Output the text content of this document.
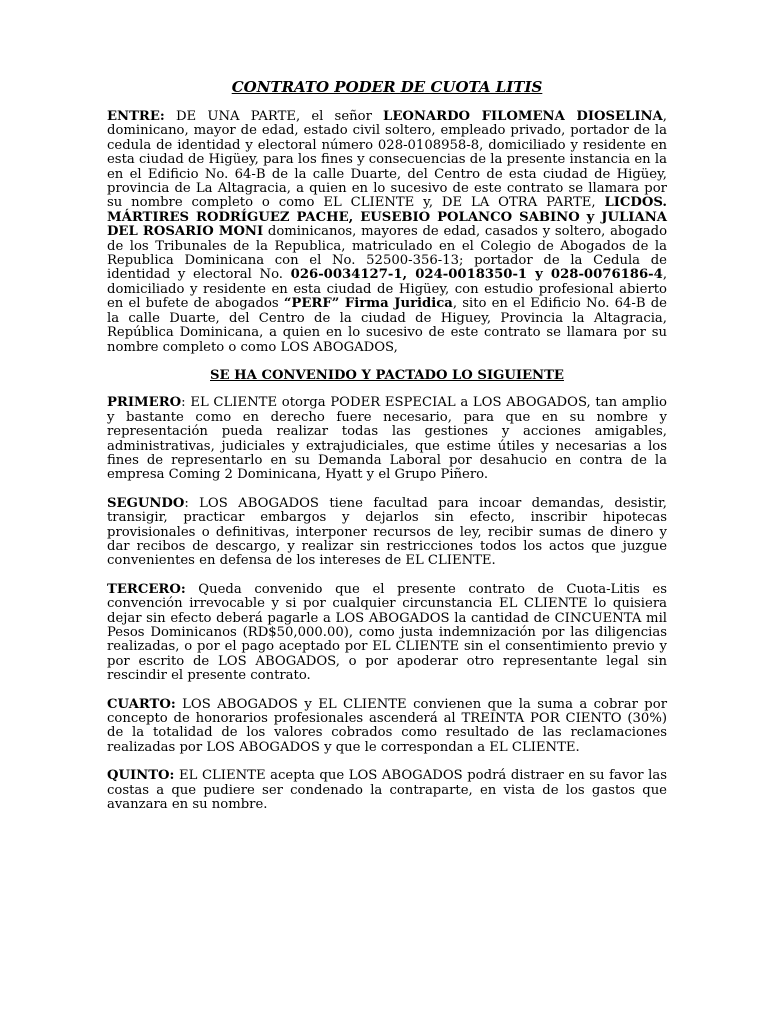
CONTRATO PODER DE CUOTA LITIS

ENTRE: DE UNA PARTE, el señor LEONARDO FILOMENA DIOSELINA, dominicano, mayor de edad, estado civil soltero, empleado privado, portador de la cedula de identidad y electoral número 028-0108958-8, domiciliado y residente en esta ciudad de Higüey, para los fines y consecuencias de la presente instancia en la en el Edificio No. 64-B de la calle Duarte, del Centro de esta ciudad de Higüey, provincia de La Altagracia, a quien en lo sucesivo de este contrato se llamara por su nombre completo o como EL CLIENTE y, DE LA OTRA PARTE, LICDOS. MÁRTIRES RODRÍGUEZ PACHE, EUSEBIO POLANCO SABINO y JULIANA DEL ROSARIO MONI dominicanos, mayores de edad, casados y soltero, abogado de los Tribunales de la Republica, matriculado en el Colegio de Abogados de la Republica Dominicana con el No. 52500-356-13; portador de la Cedula de identidad y electoral No. 026-0034127-1, 024-0018350-1 y 028-0076186-4, domiciliado y residente en esta ciudad de Higüey, con estudio profesional abierto en el bufete de abogados “PERF” Firma Juridica, sito en el Edificio No. 64-B de la calle Duarte, del Centro de la ciudad de Higuey, Provincia la Altagracia, República Dominicana, a quien en lo sucesivo de este contrato se llamara por su nombre completo o como LOS ABOGADOS,

SE HA CONVENIDO Y PACTADO LO SIGUIENTE

PRIMERO: EL CLIENTE otorga PODER ESPECIAL a LOS ABOGADOS, tan amplio y bastante como en derecho fuere necesario, para que en su nombre y representación pueda realizar todas las gestiones y acciones amigables, administrativas, judiciales y extrajudiciales, que estime útiles y necesarias a los fines de representarlo en su Demanda Laboral por desahucio en contra de la empresa Coming 2 Dominicana, Hyatt y el Grupo Piñero.

SEGUNDO: LOS ABOGADOS tiene facultad para incoar demandas, desistir, transigir, practicar embargos y dejarlos sin efecto, inscribir hipotecas provisionales o definitivas, interponer recursos de ley, recibir sumas de dinero y dar recibos de descargo, y realizar sin restricciones todos los actos que juzgue convenientes en defensa de los intereses de EL CLIENTE.

TERCERO: Queda convenido que el presente contrato de Cuota-Litis es convención irrevocable y si por cualquier circunstancia EL CLIENTE lo quisiera dejar sin efecto deberá pagarle a LOS ABOGADOS la cantidad de CINCUENTA mil Pesos Dominicanos (RD$50,000.00), como justa indemnización por las diligencias realizadas, o por el pago aceptado por EL CLIENTE sin el consentimiento previo y por escrito de LOS ABOGADOS, o por apoderar otro representante legal sin rescindir el presente contrato.

CUARTO: LOS ABOGADOS y EL CLIENTE convienen que la suma a cobrar por concepto de honorarios profesionales ascenderá al TREINTA POR CIENTO (30%) de la totalidad de los valores cobrados como resultado de las reclamaciones realizadas por LOS ABOGADOS y que le correspondan a EL CLIENTE.

QUINTO: EL CLIENTE acepta que LOS ABOGADOS podrá distraer en su favor las costas a que pudiere ser condenado la contraparte, en vista de los gastos que avanzara en su nombre.
